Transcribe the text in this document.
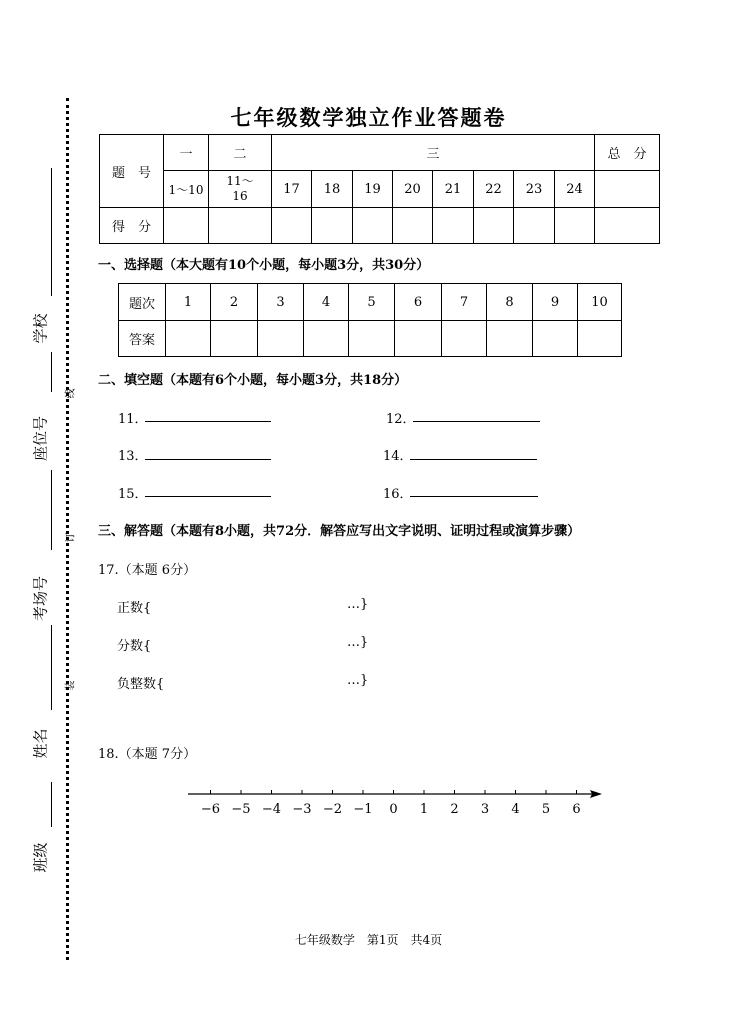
学校
座位号
考场号
姓名
班级
线
订
装
七年级数学独立作业答题卷
题　号	一	二	三								总　分
	1～10	11～16	17	18	19	20	21	22	23	24	
得　分											
一、选择题（本大题有10个小题，每小题3分，共30分）
题次	1	2	3	4	5	6	7	8	9	10
答案										
二、填空题（本题有6个小题，每小题3分，共18分）
11．	12．
13．	14．
15．	16．
三、解答题（本题有8小题，共72分．解答应写出文字说明、证明过程或演算步骤）
17.（本题 6分）
正数{	…}
分数{	…}
负整数{	…}
18.（本题 7分）
−6 −5 −4 −3 −2 −1 0 1 2 3 4 5 6
七年级数学　第1页　共4页
